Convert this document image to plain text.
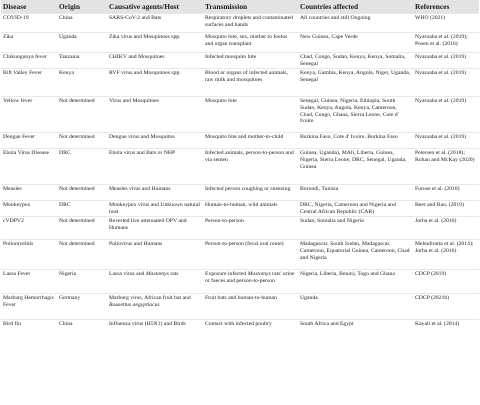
Disease	Origin	Causative agents/Host	Transmission	Countries affected	References
COVID-19	China	SARS-CoV-2 and Bats	Respiratory droplets and contaminated surfaces and hands	All countries and still Ongoing	WHO (2021)
Zika	Uganda	Zika virus and Mosquitoes spp.	Mosquito bite, sex, mother to foetus and organ transplant	New Guinea, Cape Verde	Nyaruaba et al. (2019); Posen et al. (2016)
Chikungunya fever	Tanzania	CHIKV and Mosquitoes	Infected mosquito bite	Chad, Congo, Sudan, Kenya, Kenya, Somalia, Senegal	Nyaruaba et al. (2019)
Rift Valley Fever	Kenya	RVF virus and Mosquitoes spp.	Blood or organs of infected animals, raw milk and mosquitoes	Kenya, Gambia, Kenya, Angola, Niger, Uganda, Senegal	Nyaruaba et al. (2019)
Yellow fever	Not determined	Virus and Mosquitoes	Mosquito bite	Senegal, Guinea, Nigeria, Ethiopia, South Sudan, Kenya, Angola, Kenya, Cameroon, Chad, Congo, Ghana, Sierra Leone, Cote d' Ivoire	Nyaruaba et al. (2019)
Dengue Fever	Not determined	Dengue virus and Mosquitos	Mosquito bite and mother-to-child	Burkina Faso, Cote d' Ivoire, Burkina Faso	Nyaruaba et al. (2019)
Ebola Virus Disease	DRC	Ebola virus and Bats or NHP	Infected animals, person-to-person and via semen	Guinea, Uganda), MAli, Liberia, Guinea, Nigeria, Sierra Leone, DRC, Senegal, Uganda, Guinea	Petersen et al. (2018); Rohan and McKay (2020)
Measles	Not determined	Measles virus and Humans	Infected person coughing or sneezing	Burundi, Tunisia	Furuse et al. (2010)
Monkeypox	DRC	Monkeypox virus and Unknown natural host	Human-to-human, wild animals	DRC, Nigeria, Cameroon and Nigeria and Central African Republic (CAR)	Beer and Rao, (2019)
cVDPV2	Not determined	Reverted live attenuated OPV and Humans	Person-to-person	Sudan, Somalia and Nigeria	Jorba et al. (2016)
Poliomyelitis	Not determined	Poliovirus and Humans	Person-to-person (fecal oral route)	Madagascar, South Sudan, Madagascar, Cameroon, Equatorial Guinea, Cameroon, Chad and Nigeria	Mehndiratta et al. (2014); Jorba et al. (2016)
Lassa Fever	Nigeria	Lassa virus and Mastomys rats	Exposure infected Mastomys rats' urine or faeces and person-to-person	Nigeria, Liberia, Benin), Togo and Ghana	CDCP (2019)
Marburg Hemorrhagic Fever	Germany	Marburg virus, African fruit bat and Rousettus aegyptiacus	Fruit bats and human-to-human	Uganda	CDCP (2021b)
Bird flu	China	Influenza virus (H5N1) and Birds	Contact with infected poultry	South Africa and Egypt	Kayali et al. (2014)
